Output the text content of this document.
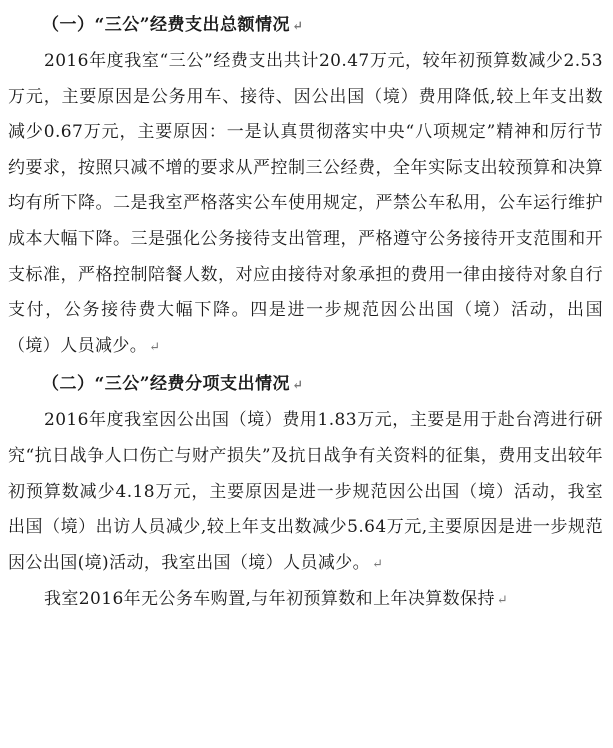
（一）“三公”经费支出总额情况 ↵

2016年度我室“三公”经费支出共计20.47万元，较年初预算数减少2.53万元，主要原因是公务用车、接待、因公出国（境）费用降低,较上年支出数减少0.67万元，主要原因：一是认真贯彻落实中央“八项规定”精神和厉行节约要求，按照只减不增的要求从严控制三公经费，全年实际支出较预算和决算均有所下降。二是我室严格落实公车使用规定，严禁公车私用，公车运行维护成本大幅下降。三是强化公务接待支出管理，严格遵守公务接待开支范围和开支标准，严格控制陪餐人数，对应由接待对象承担的费用一律由接待对象自行支付，公务接待费大幅下降。四是进一步规范因公出国（境）活动，出国（境）人员减少。 ↵

（二）“三公”经费分项支出情况 ↵

2016年度我室因公出国（境）费用1.83万元，主要是用于赴台湾进行研究“抗日战争人口伤亡与财产损失”及抗日战争有关资料的征集，费用支出较年初预算数减少4.18万元，主要原因是进一步规范因公出国（境）活动，我室出国（境）出访人员减少,较上年支出数减少5.64万元,主要原因是进一步规范因公出国(境)活动，我室出国（境）人员减少。 ↵

我室2016年无公务车购置,与年初预算数和上年决算数保持 ↵
